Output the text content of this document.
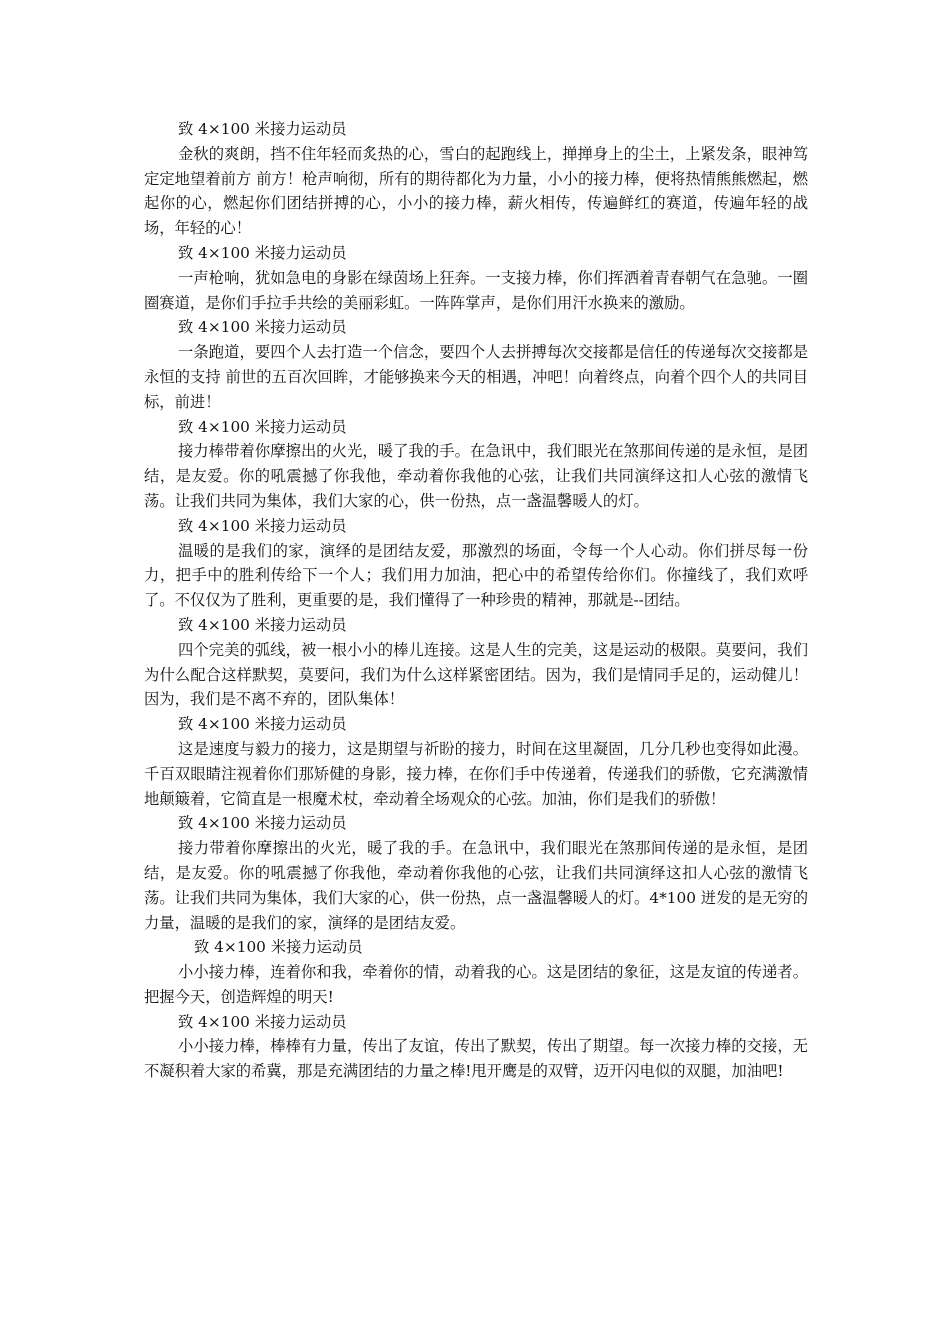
致 4×100 米接力运动员

金秋的爽朗，挡不住年轻而炙热的心，雪白的起跑线上，掸掸身上的尘土，上紧发条，眼神笃定定地望着前方 前方！枪声响彻，所有的期待都化为力量，小小的接力棒，便将热情熊熊燃起，燃起你的心，燃起你们团结拼搏的心，小小的接力棒，薪火相传，传遍鲜红的赛道，传遍年轻的战场，年轻的心！

致 4×100 米接力运动员

一声枪响，犹如急电的身影在绿茵场上狂奔。一支接力棒，你们挥洒着青春朝气在急驰。一圈圈赛道，是你们手拉手共绘的美丽彩虹。一阵阵掌声，是你们用汗水换来的激励。

致 4×100 米接力运动员

一条跑道，要四个人去打造一个信念，要四个人去拼搏每次交接都是信任的传递每次交接都是永恒的支持 前世的五百次回眸，才能够换来今天的相遇，冲吧！向着终点，向着个四个人的共同目标，前进！

致 4×100 米接力运动员

接力棒带着你摩擦出的火光，暖了我的手。在急讯中，我们眼光在煞那间传递的是永恒，是团结，是友爱。你的吼震撼了你我他，牵动着你我他的心弦，让我们共同演绎这扣人心弦的激情飞荡。让我们共同为集体，我们大家的心，供一份热，点一盏温馨暖人的灯。

致 4×100 米接力运动员

温暖的是我们的家，演绎的是团结友爱，那激烈的场面，令每一个人心动。你们拼尽每一份力，把手中的胜利传给下一个人；我们用力加油，把心中的希望传给你们。你撞线了，我们欢呼了。不仅仅为了胜利，更重要的是，我们懂得了一种珍贵的精神，那就是--团结。

致 4×100 米接力运动员

四个完美的弧线，被一根小小的棒儿连接。这是人生的完美，这是运动的极限。莫要问，我们为什么配合这样默契，莫要问，我们为什么这样紧密团结。因为，我们是情同手足的，运动健儿！因为，我们是不离不弃的，团队集体！

致 4×100 米接力运动员

这是速度与毅力的接力，这是期望与祈盼的接力，时间在这里凝固，几分几秒也变得如此漫。千百双眼睛注视着你们那矫健的身影，接力棒，在你们手中传递着，传递我们的骄傲，它充满激情地颠簸着，它简直是一根魔术杖，牵动着全场观众的心弦。加油，你们是我们的骄傲！

致 4×100 米接力运动员

接力带着你摩擦出的火光，暖了我的手。在急讯中，我们眼光在煞那间传递的是永恒，是团结，是友爱。你的吼震撼了你我他，牵动着你我他的心弦，让我们共同演绎这扣人心弦的激情飞荡。让我们共同为集体，我们大家的心，供一份热，点一盏温馨暖人的灯。4*100 迸发的是无穷的力量，温暖的是我们的家，演绎的是团结友爱。

致 4×100 米接力运动员

小小接力棒，连着你和我，牵着你的情，动着我的心。这是团结的象征，这是友谊的传递者。把握今天，创造辉煌的明天!

致 4×100 米接力运动员

小小接力棒，棒棒有力量，传出了友谊，传出了默契，传出了期望。每一次接力棒的交接，无不凝积着大家的希冀，那是充满团结的力量之棒!甩开鹰是的双臂，迈开闪电似的双腿，加油吧!
